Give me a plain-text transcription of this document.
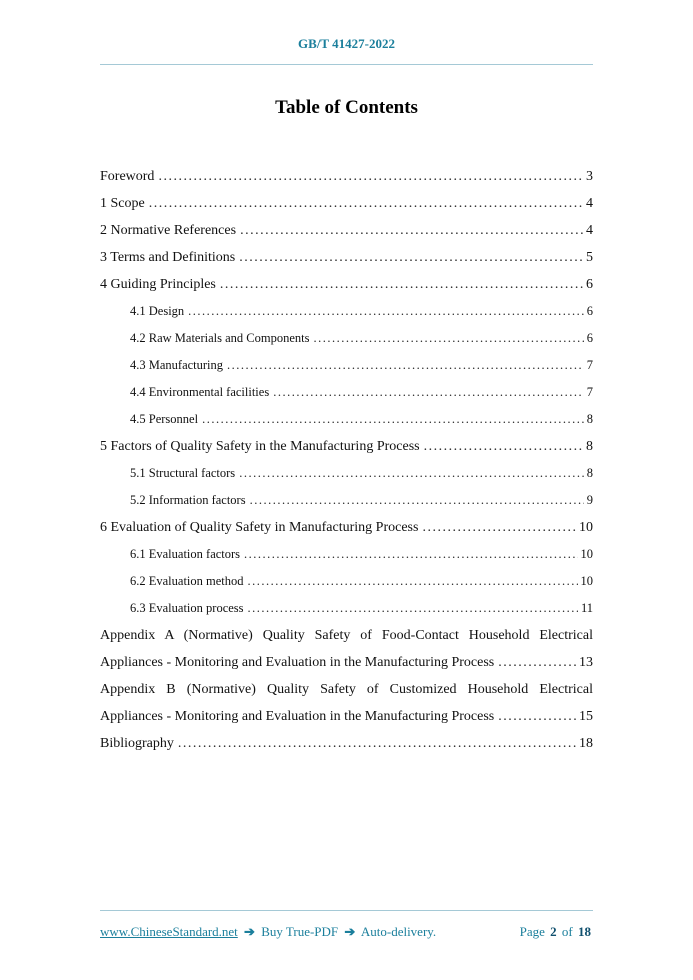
GB/T 41427-2022
Table of Contents
Foreword .....	3
1 Scope .....	4
2 Normative References .....	4
3 Terms and Definitions .....	5
4 Guiding Principles .....	6
4.1 Design .....	6
4.2 Raw Materials and Components .....	6
4.3 Manufacturing .....	7
4.4 Environmental facilities .....	7
4.5 Personnel .....	8
5 Factors of Quality Safety in the Manufacturing Process .....	8
5.1 Structural factors .....	8
5.2 Information factors .....	9
6 Evaluation of Quality Safety in Manufacturing Process .....	10
6.1 Evaluation factors .....	10
6.2 Evaluation method .....	10
6.3 Evaluation process .....	11
Appendix A (Normative) Quality Safety of Food-Contact Household Electrical
Appliances - Monitoring and Evaluation in the Manufacturing Process .....	13
Appendix B (Normative) Quality Safety of Customized Household Electrical
Appliances - Monitoring and Evaluation in the Manufacturing Process .....	15
Bibliography .....	18
www.ChineseStandard.net ➔ Buy True-PDF ➔ Auto-delivery.	Page 2 of 18
